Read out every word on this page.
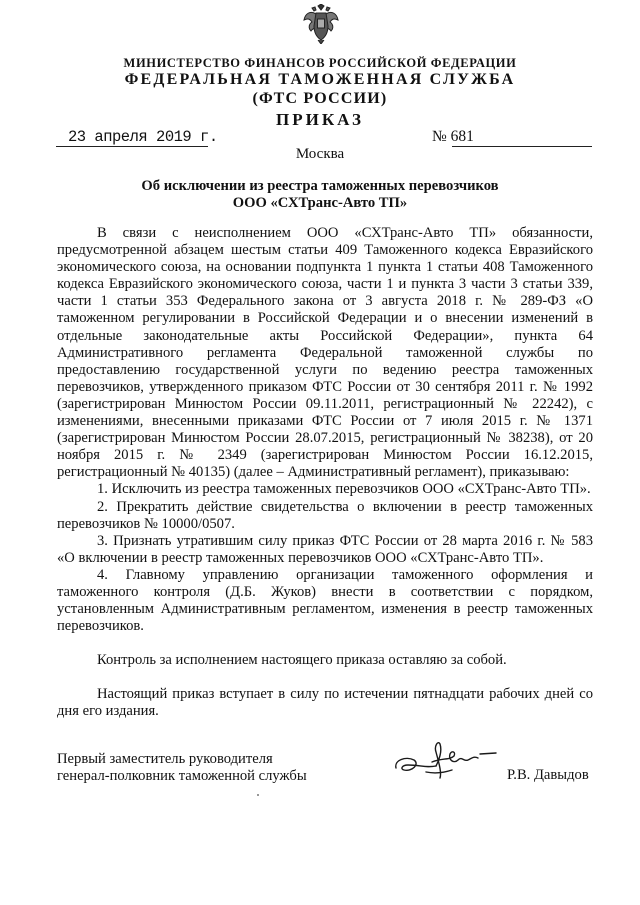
МИНИСТЕРСТВО ФИНАНСОВ РОССИЙСКОЙ ФЕДЕРАЦИИ
ФЕДЕРАЛЬНАЯ ТАМОЖЕННАЯ СЛУЖБА
(ФТС РОССИИ)
ПРИКАЗ
23 апреля 2019 г.	№ 681
Москва
Об исключении из реестра таможенных перевозчиков
ООО «СХТранс-Авто ТП»

В связи с неисполнением ООО «СХТранс-Авто ТП» обязанности, предусмотренной абзацем шестым статьи 409 Таможенного кодекса Евразийского экономического союза, на основании подпункта 1 пункта 1 статьи 408 Таможенного кодекса Евразийского экономического союза, части 1 и пункта 3 части 3 статьи 339, части 1 статьи 353 Федерального закона от 3 августа 2018 г. № 289-ФЗ «О таможенном регулировании в Российской Федерации и о внесении изменений в отдельные законодательные акты Российской Федерации», пункта 64 Административного регламента Федеральной таможенной службы по предоставлению государственной услуги по ведению реестра таможенных перевозчиков, утвержденного приказом ФТС России от 30 сентября 2011 г. № 1992 (зарегистрирован Минюстом России 09.11.2011, регистрационный № 22242), с изменениями, внесенными приказами ФТС России от 7 июля 2015 г. № 1371 (зарегистрирован Минюстом России 28.07.2015, регистрационный № 38238), от 20 ноября 2015 г. № 2349 (зарегистрирован Минюстом России 16.12.2015, регистрационный № 40135) (далее – Административный регламент), приказываю:

1. Исключить из реестра таможенных перевозчиков ООО «СХТранс-Авто ТП».

2. Прекратить действие свидетельства о включении в реестр таможенных перевозчиков № 10000/0507.

3. Признать утратившим силу приказ ФТС России от 28 марта 2016 г. № 583 «О включении в реестр таможенных перевозчиков ООО «СХТранс-Авто ТП».

4. Главному управлению организации таможенного оформления и таможенного контроля (Д.Б. Жуков) внести в соответствии с порядком, установленным Административным регламентом, изменения в реестр таможенных перевозчиков.

Контроль за исполнением настоящего приказа оставляю за собой.

Настоящий приказ вступает в силу по истечении пятнадцати рабочих дней со дня его издания.

Первый заместитель руководителя
генерал-полковник таможенной службы	Р.В. Давыдов
